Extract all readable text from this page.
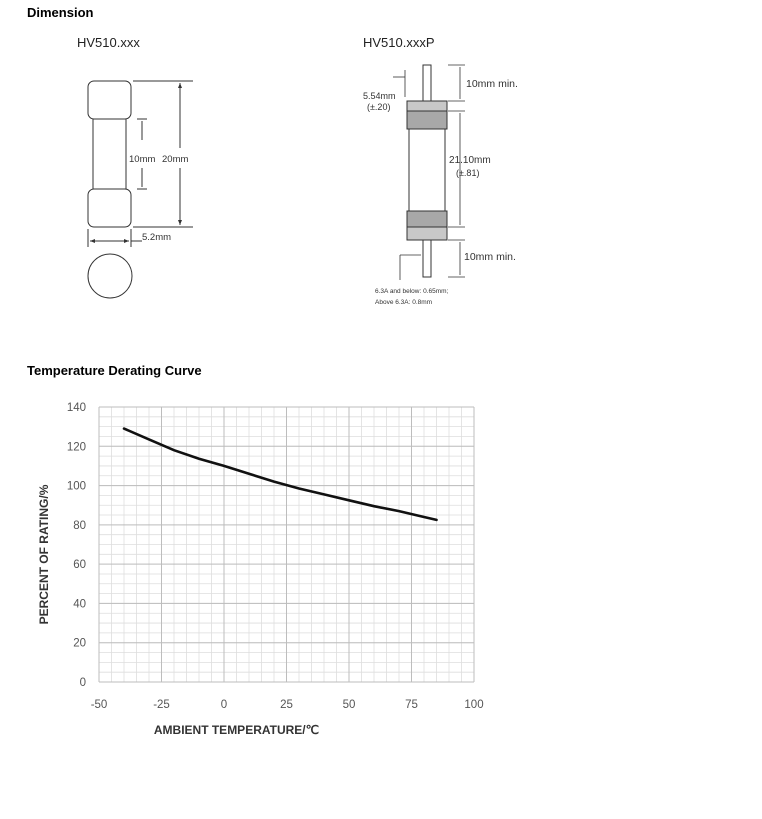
Dimension
HV510.xxx	HV510.xxxP
10mm 20mm
5.2mm
5.54mm
(±.20)
10mm min.
21.10mm
(±.81)
10mm min.
6.3A and below: 0.65mm;
Above 6.3A: 0.8mm
Temperature Derating Curve
0
20
40
60
80
100
120
140
-50	-25	0	25	50	75	100
PERCENT OF RATING/%
AMBIENT TEMPERATURE/℃
